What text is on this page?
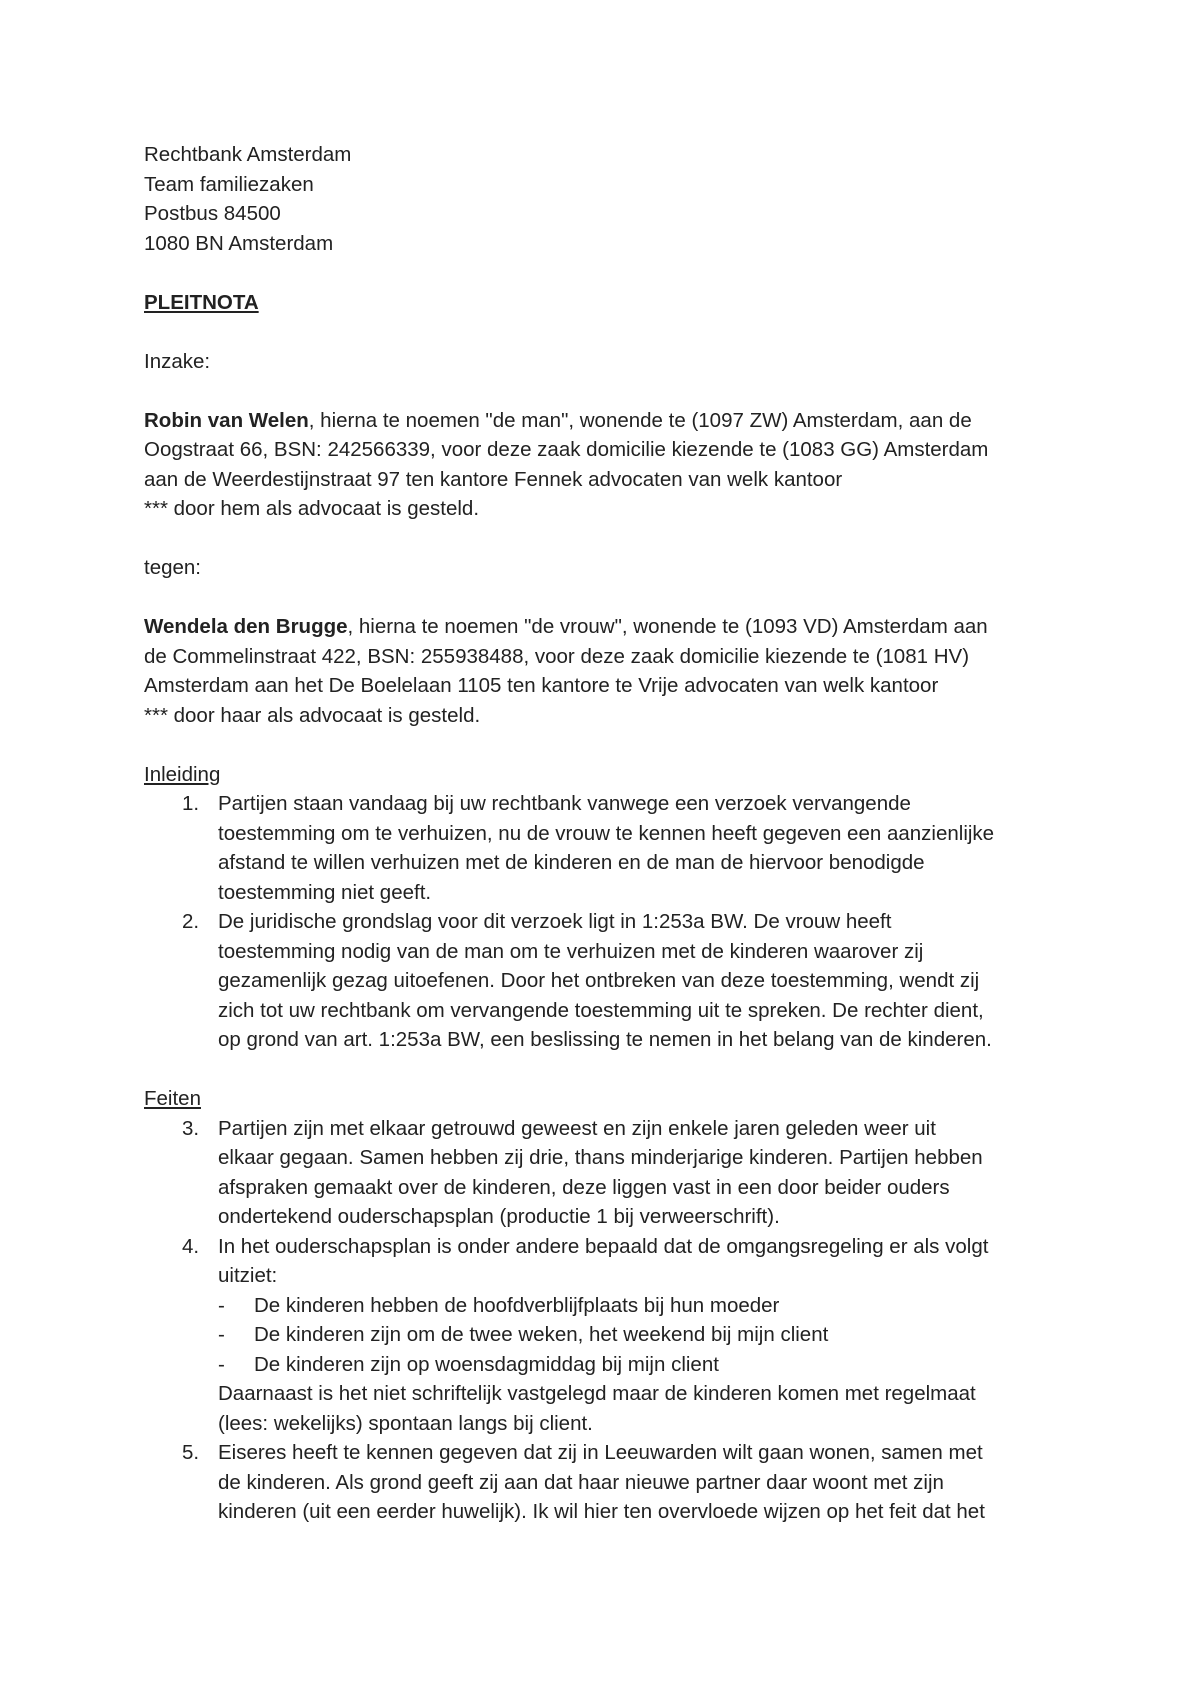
Rechtbank Amsterdam
Team familiezaken
Postbus 84500
1080 BN Amsterdam
PLEITNOTA
Inzake:
Robin van Welen, hierna te noemen "de man", wonende te (1097 ZW) Amsterdam, aan de
Oogstraat 66, BSN: 242566339, voor deze zaak domicilie kiezende te (1083 GG) Amsterdam
aan de Weerdestijnstraat 97 ten kantore Fennek advocaten van welk kantoor
*** door hem als advocaat is gesteld.
tegen:
Wendela den Brugge, hierna te noemen "de vrouw", wonende te (1093 VD) Amsterdam aan
de Commelinstraat 422, BSN: 255938488, voor deze zaak domicilie kiezende te (1081 HV)
Amsterdam aan het De Boelelaan 1105 ten kantore te Vrije advocaten van welk kantoor
*** door haar als advocaat is gesteld.
Inleiding
1. Partijen staan vandaag bij uw rechtbank vanwege een verzoek vervangende
toestemming om te verhuizen, nu de vrouw te kennen heeft gegeven een aanzienlijke
afstand te willen verhuizen met de kinderen en de man de hiervoor benodigde
toestemming niet geeft.
2. De juridische grondslag voor dit verzoek ligt in 1:253a BW. De vrouw heeft
toestemming nodig van de man om te verhuizen met de kinderen waarover zij
gezamenlijk gezag uitoefenen. Door het ontbreken van deze toestemming, wendt zij
zich tot uw rechtbank om vervangende toestemming uit te spreken. De rechter dient,
op grond van art. 1:253a BW, een beslissing te nemen in het belang van de kinderen.
Feiten
3. Partijen zijn met elkaar getrouwd geweest en zijn enkele jaren geleden weer uit
elkaar gegaan. Samen hebben zij drie, thans minderjarige kinderen. Partijen hebben
afspraken gemaakt over de kinderen, deze liggen vast in een door beider ouders
ondertekend ouderschapsplan (productie 1 bij verweerschrift).
4. In het ouderschapsplan is onder andere bepaald dat de omgangsregeling er als volgt
uitziet:
- De kinderen hebben de hoofdverblijfplaats bij hun moeder
- De kinderen zijn om de twee weken, het weekend bij mijn client
- De kinderen zijn op woensdagmiddag bij mijn client
Daarnaast is het niet schriftelijk vastgelegd maar de kinderen komen met regelmaat
(lees: wekelijks) spontaan langs bij client.
5. Eiseres heeft te kennen gegeven dat zij in Leeuwarden wilt gaan wonen, samen met
de kinderen. Als grond geeft zij aan dat haar nieuwe partner daar woont met zijn
kinderen (uit een eerder huwelijk). Ik wil hier ten overvloede wijzen op het feit dat het
